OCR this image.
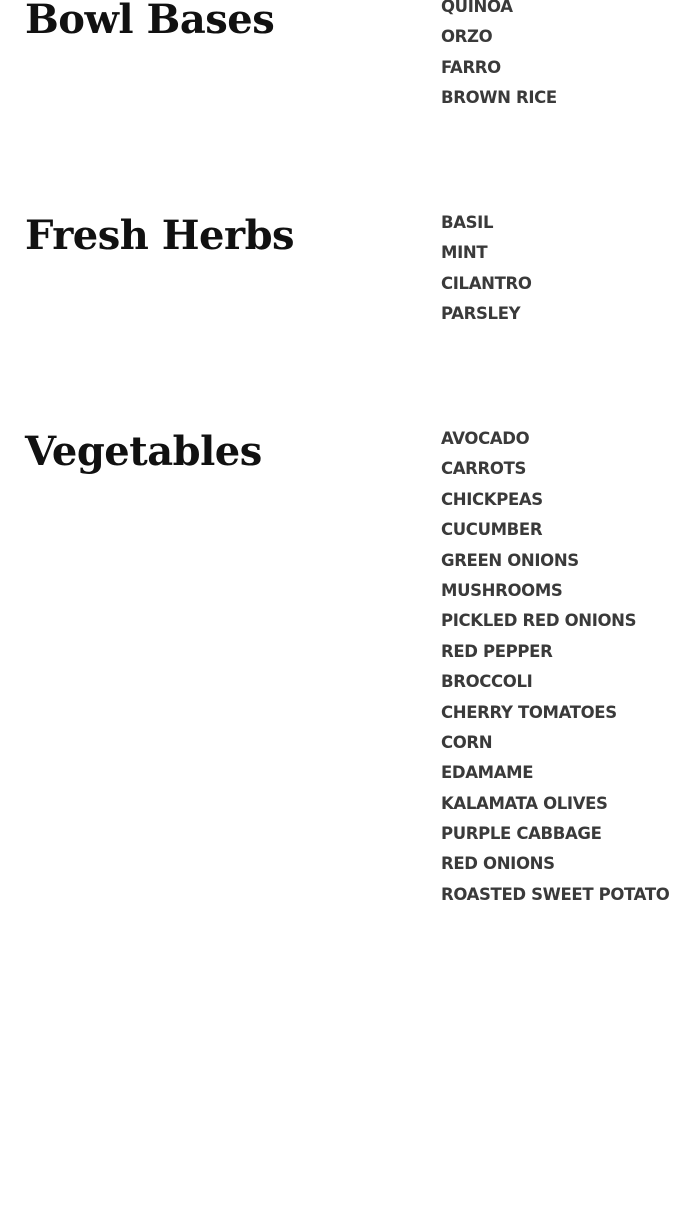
Bowl Bases	QUINOA
ORZO
FARRO
BROWN RICE
Fresh Herbs	BASIL
MINT
CILANTRO
PARSLEY
Vegetables	AVOCADO
CARROTS
CHICKPEAS
CUCUMBER
GREEN ONIONS
MUSHROOMS
PICKLED RED ONIONS
RED PEPPER
BROCCOLI
CHERRY TOMATOES
CORN
EDAMAME
KALAMATA OLIVES
PURPLE CABBAGE
RED ONIONS
ROASTED SWEET POTATO
